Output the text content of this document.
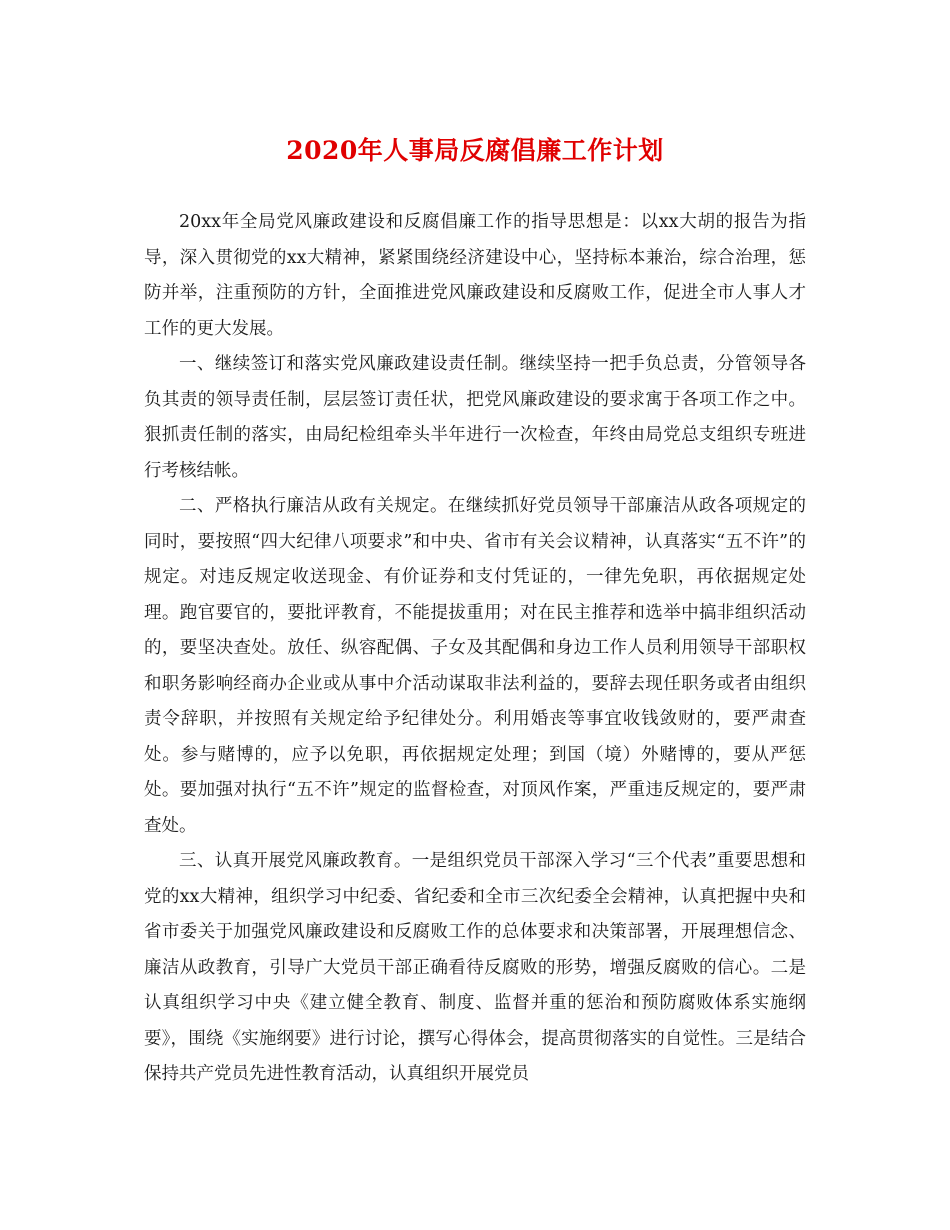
2020年人事局反腐倡廉工作计划

20xx年全局党风廉政建设和反腐倡廉工作的指导思想是：以xx大胡的报告为指导，深入贯彻党的xx大精神，紧紧围绕经济建设中心，坚持标本兼治，综合治理，惩防并举，注重预防的方针，全面推进党风廉政建设和反腐败工作，促进全市人事人才工作的更大发展。

一、继续签订和落实党风廉政建设责任制。继续坚持一把手负总责，分管领导各负其责的领导责任制，层层签订责任状，把党风廉政建设的要求寓于各项工作之中。狠抓责任制的落实，由局纪检组牵头半年进行一次检查，年终由局党总支组织专班进行考核结帐。

二、严格执行廉洁从政有关规定。在继续抓好党员领导干部廉洁从政各项规定的同时，要按照“四大纪律八项要求”和中央、省市有关会议精神，认真落实“五不许”的规定。对违反规定收送现金、有价证券和支付凭证的，一律先免职，再依据规定处理。跑官要官的，要批评教育，不能提拔重用；对在民主推荐和选举中搞非组织活动的，要坚决查处。放任、纵容配偶、子女及其配偶和身边工作人员利用领导干部职权和职务影响经商办企业或从事中介活动谋取非法利益的，要辞去现任职务或者由组织责令辞职，并按照有关规定给予纪律处分。利用婚丧等事宜收钱敛财的，要严肃查处。参与赌博的，应予以免职，再依据规定处理；到国（境）外赌博的，要从严惩处。要加强对执行“五不许”规定的监督检查，对顶风作案，严重违反规定的，要严肃查处。

三、认真开展党风廉政教育。一是组织党员干部深入学习“三个代表”重要思想和党的xx大精神，组织学习中纪委、省纪委和全市三次纪委全会精神，认真把握中央和省市委关于加强党风廉政建设和反腐败工作的总体要求和决策部署，开展理想信念、廉洁从政教育，引导广大党员干部正确看待反腐败的形势，增强反腐败的信心。二是认真组织学习中央《建立健全教育、制度、监督并重的惩治和预防腐败体系实施纲要》，围绕《实施纲要》进行讨论，撰写心得体会，提高贯彻落实的自觉性。三是结合保持共产党员先进性教育活动，认真组织开展党员
